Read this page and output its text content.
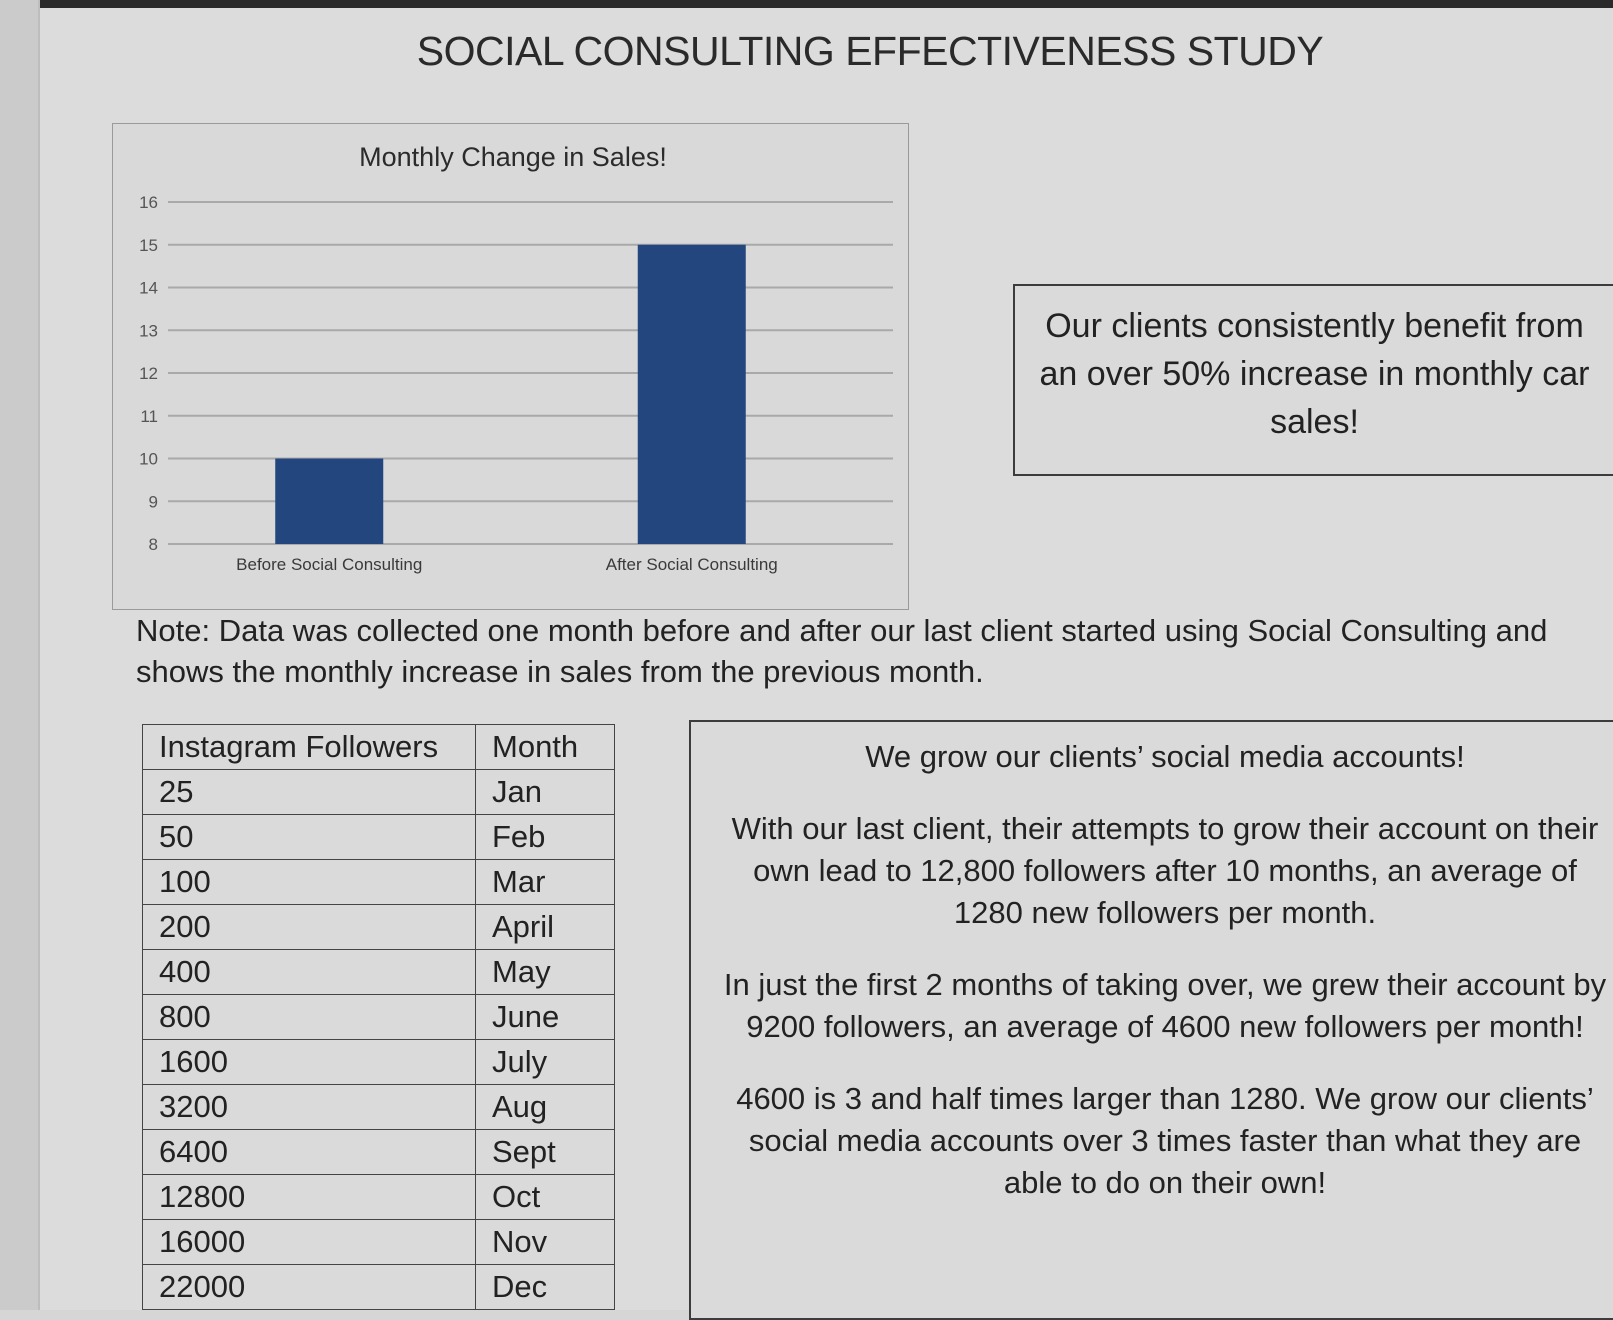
SOCIAL CONSULTING EFFECTIVENESS STUDY
Monthly Change in Sales!
16
15
14
13
12
11
10
9
8
Before Social Consulting	After Social Consulting

Our clients consistently benefit from an over 50% increase in monthly car sales!

Note: Data was collected one month before and after our last client started using Social Consulting and shows the monthly increase in sales from the previous month.
Instagram Followers	Month
25	Jan
50	Feb
100	Mar
200	April
400	May
800	June
1600	July
3200	Aug
6400	Sept
12800	Oct
16000	Nov
22000	Dec

We grow our clients’ social media accounts!

With our last client, their attempts to grow their account on their own lead to 12,800 followers after 10 months, an average of 1280 new followers per month.

In just the first 2 months of taking over, we grew their account by 9200 followers, an average of 4600 new followers per month!

4600 is 3 and half times larger than 1280. We grow our clients’ social media accounts over 3 times faster than what they are able to do on their own!
